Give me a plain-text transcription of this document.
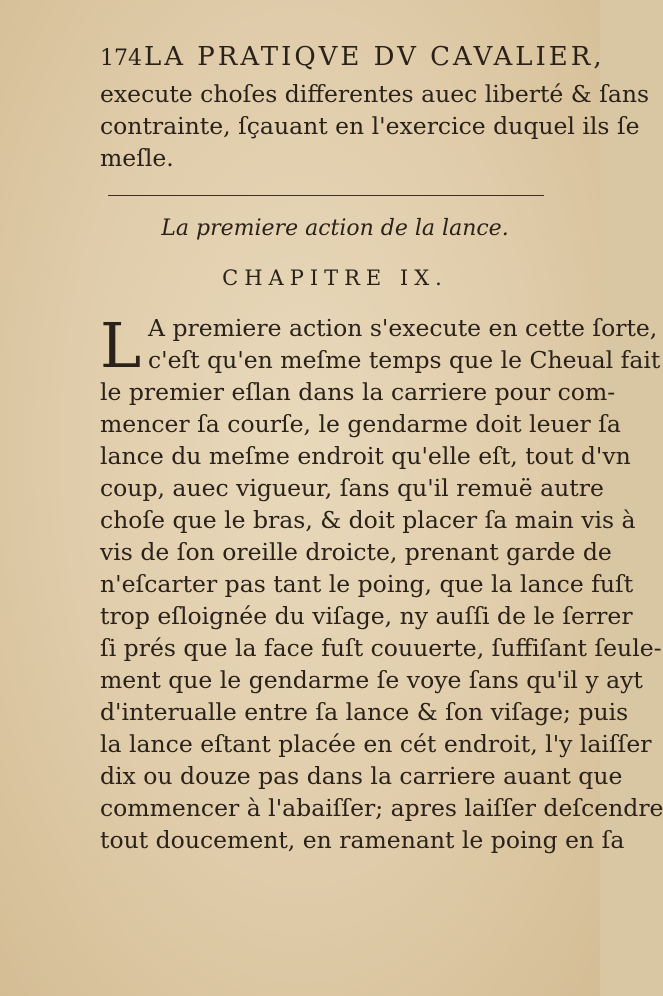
174LA PRATIQVE DV CAVALIER,
execute choſes differentes auec liberté & ſans
contrainte, ſçauant en l'exercice duquel ils ſe
meſle.
La premiere action de la lance.
CHAPITRE IX.
L A premiere action s'execute en cette ſorte,
c'eſt qu'en meſme temps que le Cheual fait
le premier eſlan dans la carriere pour com-
mencer ſa courſe, le gendarme doit leuer ſa
lance du meſme endroit qu'elle eſt, tout d'vn
coup, auec vigueur, ſans qu'il remuë autre
choſe que le bras, & doit placer ſa main vis à
vis de ſon oreille droicte, prenant garde de
n'eſcarter pas tant le poing, que la lance fuſt
trop eſloignée du viſage, ny auſſi de le ſerrer
ſi prés que la face fuſt couuerte, ſuffiſant ſeule-
ment que le gendarme ſe voye ſans qu'il y ayt
d'interualle entre ſa lance & ſon viſage; puis
la lance eſtant placée en cét endroit, l'y laiſſer
dix ou douze pas dans la carriere auant que
commencer à l'abaiſſer; apres laiſſer deſcendre
tout doucement, en ramenant le poing en ſa
